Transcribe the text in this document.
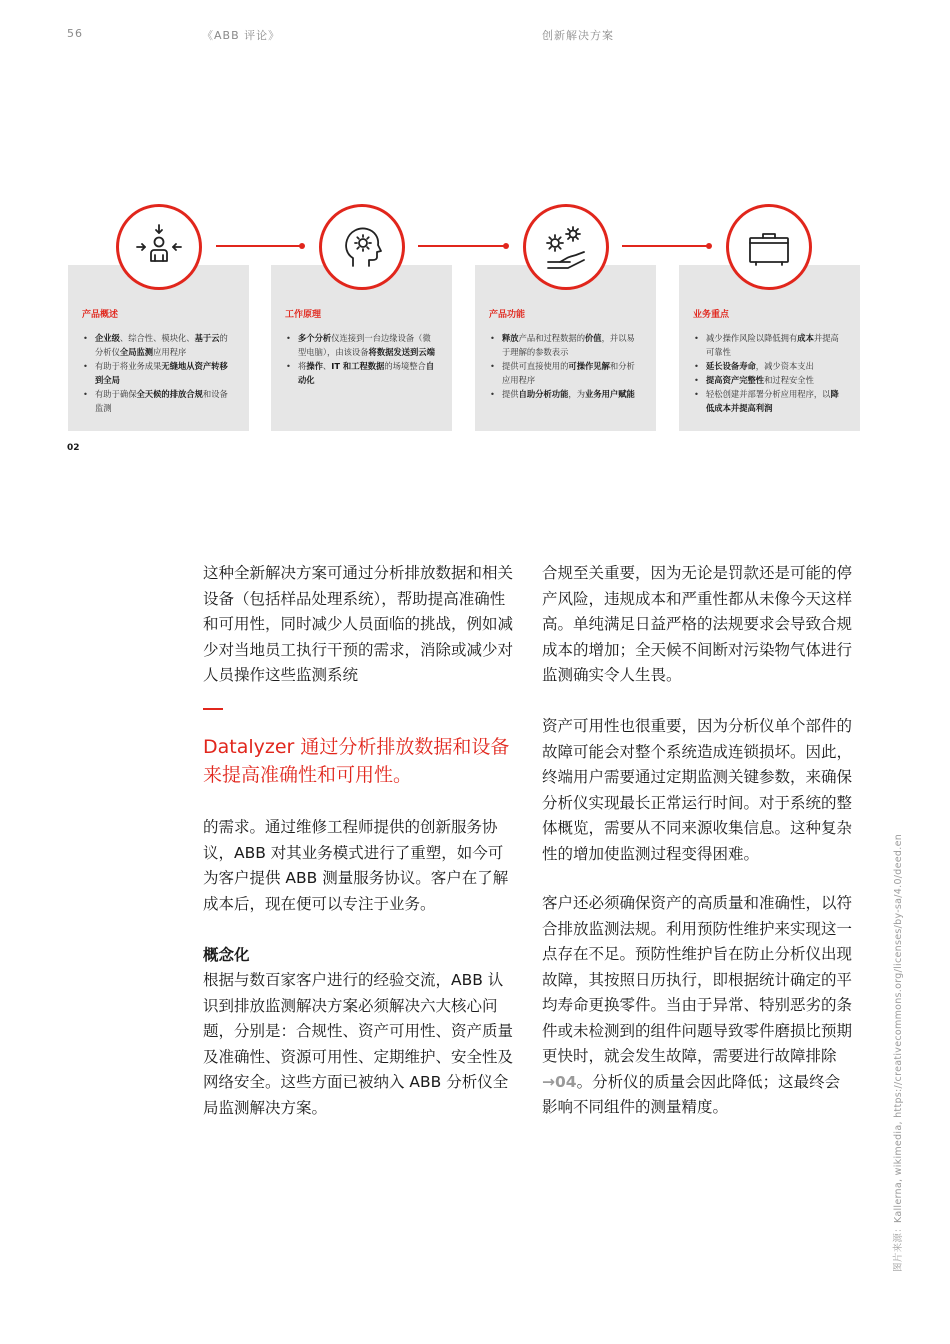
56	《ABB 评论》	创新解决方案
产品概述
• 企业级、综合性、模块化、基于云的分析仪全局监测应用程序
• 有助于将业务成果无缝地从资产转移到全局
• 有助于确保全天候的排放合规和设备监测
工作原理
• 多个分析仪连接到一台边缘设备（微型电脑），由该设备将数据发送到云端
• 将操作、IT 和工程数据的场境整合自动化
产品功能
• 释放产品和过程数据的价值，并以易于理解的参数表示
• 提供可直接使用的可操作见解和分析应用程序
• 提供自助分析功能，为业务用户赋能
业务重点
• 减少操作风险以降低拥有成本并提高可靠性
• 延长设备寿命，减少资本支出
• 提高资产完整性和过程安全性
• 轻松创建并部署分析应用程序，以降低成本并提高利润
02

这种全新解决方案可通过分析排放数据和相关设备（包括样品处理系统），帮助提高准确性和可用性，同时减少人员面临的挑战，例如减少对当地员工执行干预的需求，消除或减少对人员操作这些监测系统

Datalyzer 通过分析排放数据和设备来提高准确性和可用性。

的需求。通过维修工程师提供的创新服务协议，ABB 对其业务模式进行了重塑，如今可为客户提供 ABB 测量服务协议。客户在了解成本后，现在便可以专注于业务。

概念化

根据与数百家客户进行的经验交流，ABB 认识到排放监测解决方案必须解决六大核心问题，分别是：合规性、资产可用性、资产质量及准确性、资源可用性、定期维护、安全性及网络安全。这些方面已被纳入 ABB 分析仪全局监测解决方案。

合规至关重要，因为无论是罚款还是可能的停产风险，违规成本和严重性都从未像今天这样高。单纯满足日益严格的法规要求会导致合规成本的增加；全天候不间断对污染物气体进行监测确实令人生畏。

资产可用性也很重要，因为分析仪单个部件的故障可能会对整个系统造成连锁损坏。因此，终端用户需要通过定期监测关键参数，来确保分析仪实现最长正常运行时间。对于系统的整体概览，需要从不同来源收集信息。这种复杂性的增加使监测过程变得困难。

客户还必须确保资产的高质量和准确性，以符合排放监测法规。利用预防性维护来实现这一点存在不足。预防性维护旨在防止分析仪出现故障，其按照日历执行，即根据统计确定的平均寿命更换零件。当由于异常、特别恶劣的条件或未检测到的组件问题导致零件磨损比预期更快时，就会发生故障，需要进行故障排除→04。分析仪的质量会因此降低；这最终会影响不同组件的测量精度。	图片来源：Kallerna, wikimedia, https://creativecommons.org/licenses/by-sa/4.0/deed.en
